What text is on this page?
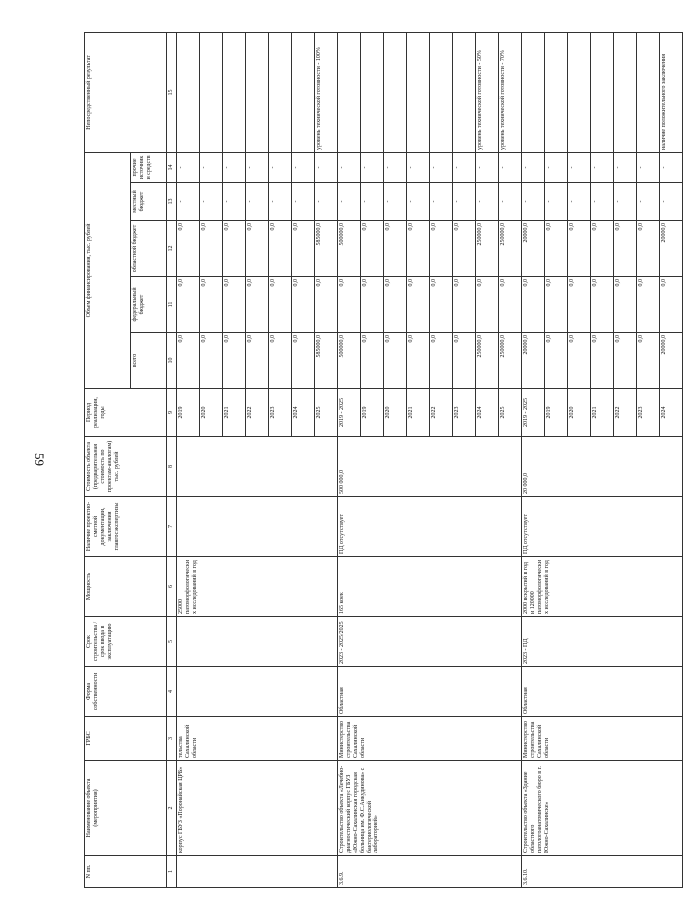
59
N пп.	Наименование объекта (мероприятия)	ГРБС	Форма собственности	Срок строительства / срок ввода в эксплуатацию	Мощность	Наличие проектно-сметной документации, заключения главгосэкспертизы	Стоимость объекта (предварительная стоимость по проектам-аналогам) тыс. рублей	Период реализации, годы	Объем финансирования, тыс. рублей					Непосредственный результат
									всего	федеральный бюджет	областной бюджет	местный бюджет	прочие источники средств	
1	2	3	4	5	6	7	8	9	10	11	12	13	14	15
	корпус ГБУЗ «Поронайская ЦРБ»	тельства Сахалинской области			25000 патоморфологических исследований в год			2019	0,0	0,0	0,0	-	-	
								2020	0,0	0,0	0,0	-	-	
								2021	0,0	0,0	0,0	-	-	
								2022	0,0	0,0	0,0	-	-	
								2023	0,0	0,0	0,0	-	-	
								2024	0,0	0,0	0,0	-	-	
								2025	585000,0	0,0	585000,0	-	-	уровень технической готовности - 100%
3.6.9.	Строительство объекта «Лечебно-диагностический корпус ГБУЗ «Южно-Сахалинская городская больница им. Ф.С.Анкудинова» с бактериологической лабораторией»	Министерство строительства Сахалинской области	Областная	2023 - 2025/2025	165 коек	ПД отсутствует	500 000,0	2019 - 2025	500000,0	0,0	500000,0	-	-	
								2019	0,0	0,0	0,0	-	-	
								2020	0,0	0,0	0,0	-	-	
								2021	0,0	0,0	0,0	-	-	
								2022	0,0	0,0	0,0	-	-	
								2023	0,0	0,0	0,0	-	-	
								2024	250000,0	0,0	250000,0	-	-	уровень технической готовности - 50%
								2025	250000,0	0,0	250000,0	-	-	уровень технической готовности - 70%
3.6.10.	Строительство объекта «Здание областного патологоанатомического бюро в г. Южно-Сахалинске»	Министерство строительства Сахалинской области	Областная	2023 - ПД	2000 вскрытий в год и 120000 патоморфологических исследований в год	ПД отсутствует	20 000,0	2019 - 2025	20000,0	0,0	20000,0	-	-	
								2019	0,0	0,0	0,0	-	-	
								2020	0,0	0,0	0,0	-	-	
								2021	0,0	0,0	0,0	-	-	
								2022	0,0	0,0	0,0	-	-	
								2023	0,0	0,0	0,0	-	-	
								2024	20000,0	0,0	20000,0	-	-	наличие положительного заключения
